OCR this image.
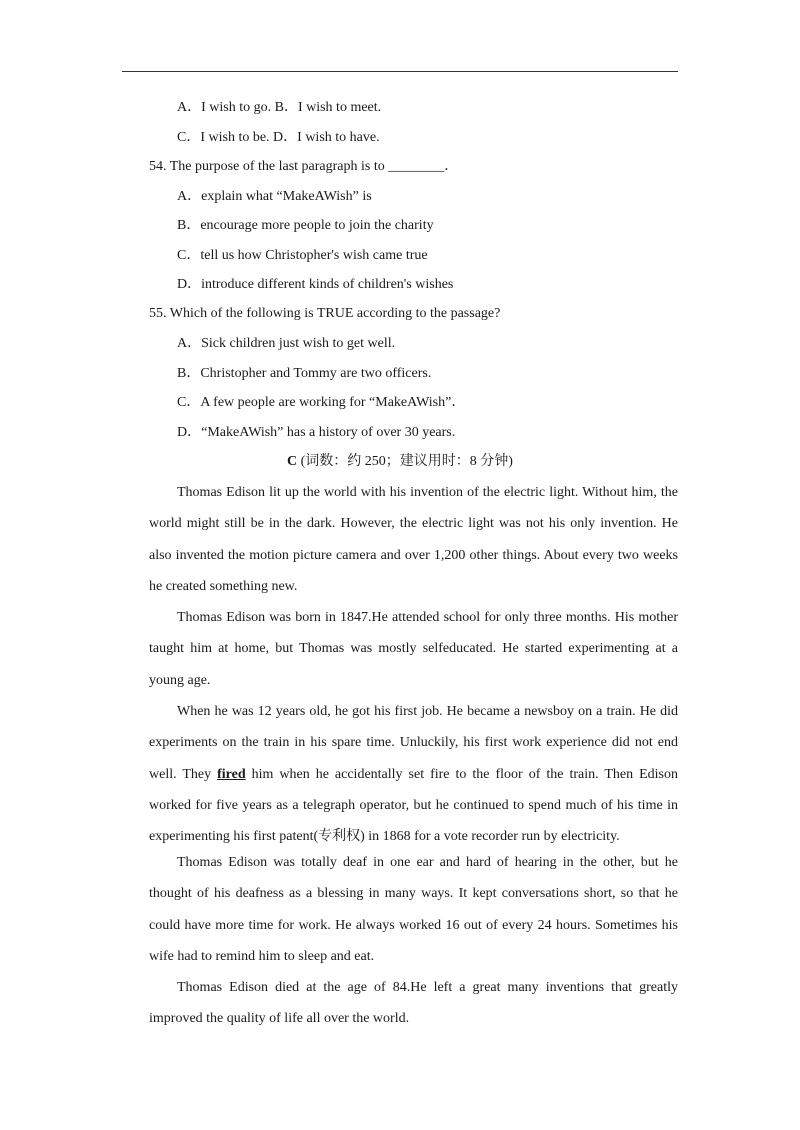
A．I wish to go. B．I wish to meet.
C．I wish to be. D．I wish to have.
54. The purpose of the last paragraph is to ________．
A．explain what “MakeAWish” is
B．encourage more people to join the charity
C．tell us how Christopher's wish came true
D．introduce different kinds of children's wishes
55. Which of the following is TRUE according to the passage?
A．Sick children just wish to get well.
B．Christopher and Tommy are two officers.
C．A few people are working for “MakeAWish”．
D．“MakeAWish” has a history of over 30 years.
C (词数：约 250；建议用时：8 分钟)

Thomas Edison lit up the world with his invention of the electric light. Without him, the world might still be in the dark. However, the electric light was not his only invention. He also invented the motion picture camera and over 1,200 other things. About every two weeks he created something new.

Thomas Edison was born in 1847.He attended school for only three months. His mother taught him at home, but Thomas was mostly selfeducated. He started experimenting at a young age.

When he was 12 years old, he got his first job. He became a newsboy on a train. He did experiments on the train in his spare time. Unluckily, his first work experience did not end well. They fired him when he accidentally set fire to the floor of the train. Then Edison worked for five years as a telegraph operator, but he continued to spend much of his time in experimenting his first patent(专利权) in 1868 for a vote recorder run by electricity.

Thomas Edison was totally deaf in one ear and hard of hearing in the other, but he thought of his deafness as a blessing in many ways. It kept conversations short, so that he could have more time for work. He always worked 16 out of every 24 hours. Sometimes his wife had to remind him to sleep and eat.

Thomas Edison died at the age of 84.He left a great many inventions that greatly improved the quality of life all over the world.
